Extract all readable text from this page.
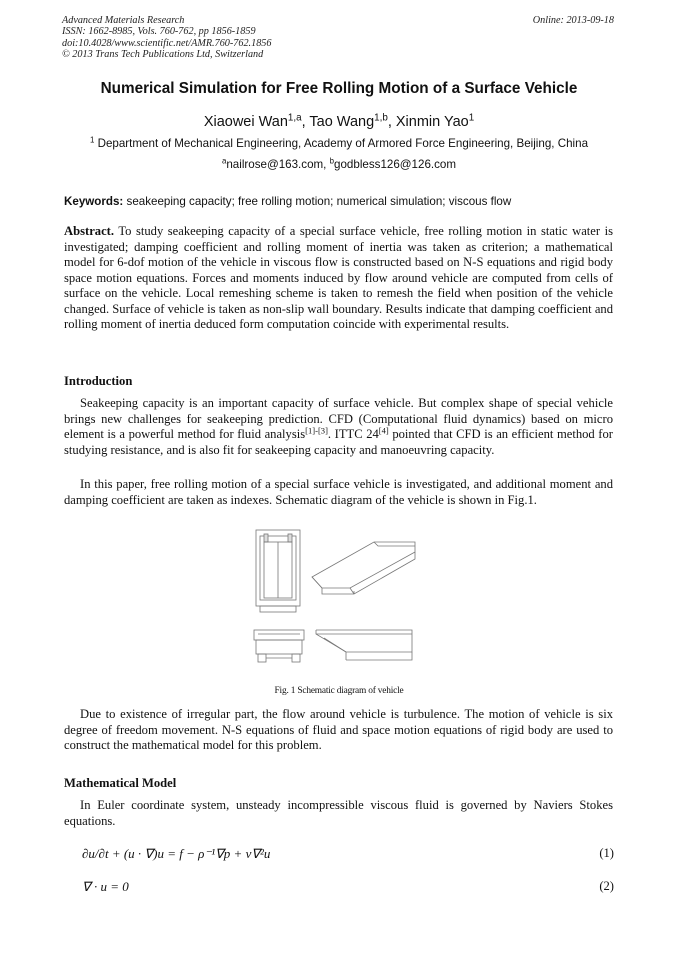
Advanced Materials Research
ISSN: 1662-8985, Vols. 760-762, pp 1856-1859
doi:10.4028/www.scientific.net/AMR.760-762.1856
© 2013 Trans Tech Publications Ltd, Switzerland
Online: 2013-09-18
Numerical Simulation for Free Rolling Motion of a Surface Vehicle
Xiaowei Wan$^{1,a}$, Tao Wang$^{1,b}$, Xinmin Yao$^1$
$^1$ Department of Mechanical Engineering, Academy of Armored Force Engineering, Beijing, China
$^a$nailrose@163.com, $^b$godbless126@126.com
Keywords: seakeeping capacity; free rolling motion; numerical simulation; viscous flow
Abstract. To study seakeeping capacity of a special surface vehicle, free rolling motion in static water is investigated; damping coefficient and rolling moment of inertia was taken as criterion; a mathematical model for 6-dof motion of the vehicle in viscous flow is constructed based on N-S equations and rigid body space motion equations. Forces and moments induced by flow around vehicle are computed from cells of surface on the vehicle. Local remeshing scheme is taken to remesh the field when position of the vehicle changed. Surface of vehicle is taken as non-slip wall boundary. Results indicate that damping coefficient and rolling moment of inertia deduced form computation coincide with experimental results.
Introduction
Seakeeping capacity is an important capacity of surface vehicle. But complex shape of special vehicle brings new challenges for seakeeping prediction. CFD (Computational fluid dynamics) based on micro element is a powerful method for fluid analysis[1]-[3]. ITTC 24[4] pointed that CFD is an efficient method for studying resistance, and is also fit for seakeeping capacity and manoeuvring capacity.
In this paper, free rolling motion of a special surface vehicle is investigated, and additional moment and damping coefficient are taken as indexes. Schematic diagram of the vehicle is shown in Fig.1.
Fig. 1 Schematic diagram of vehicle
Due to existence of irregular part, the flow around vehicle is turbulence. The motion of vehicle is six degree of freedom movement. N-S equations of fluid and space motion equations of rigid body are used to construct the mathematical model for this problem.
Mathematical Model
In Euler coordinate system, unsteady incompressible viscous fluid is governed by Naviers Stokes equations.
∂u/∂t + (u · ∇)u = f − ρ⁻¹∇p + ν∇²u	(1)
∇ · u = 0	(2)
